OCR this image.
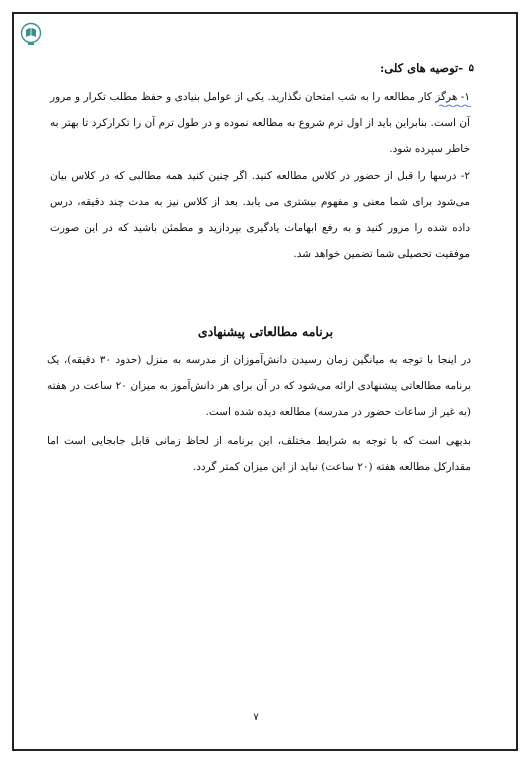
۵
-توصیه های کلی:
۱- هرگز کار مطالعه را به شب امتحان نگذارید. یکی از عوامل بنیادی و حفظ مطلب تکرار و مرور آن است. بنابراین باید از اول ترم شروع به مطالعه نموده و در طول ترم آن را تکرارکرد تا بهتر به خاطر سپرده شود.
۲- درسها را قبل از حضور در کلاس مطالعه کنید. اگر چنین کنید همه مطالبی که در کلاس بیان می‌شود برای شما معنی و مفهوم بیشتری می یابد. بعد از کلاس نیز به مدت چند دقیقه، درس داده شده را مرور کنید و به رفع ابهامات یادگیری بپردازید و مطمئن باشید که در این صورت موفقیت تحصیلی شما تضمین خواهد شد.
برنامه مطالعاتی پیشنهادی
در اینجا با توجه به میانگین زمان رسیدن دانش‌آموزان از مدرسه به منزل (حدود ۳۰ دقیقه)، یک برنامه مطالعاتی پیشنهادی ارائه می‌شود که در آن برای هر دانش‌آموز به میزان ۲۰ ساعت در هفته (به غیر از ساعات حضور در مدرسه) مطالعه دیده شده است.
بدیهی است که با توجه به شرایط مختلف، این برنامه از لحاظ زمانی قابل جابجایی است اما مقدارکل مطالعه هفته (۲۰ ساعت) نباید از این میزان کمتر گردد.
۷
